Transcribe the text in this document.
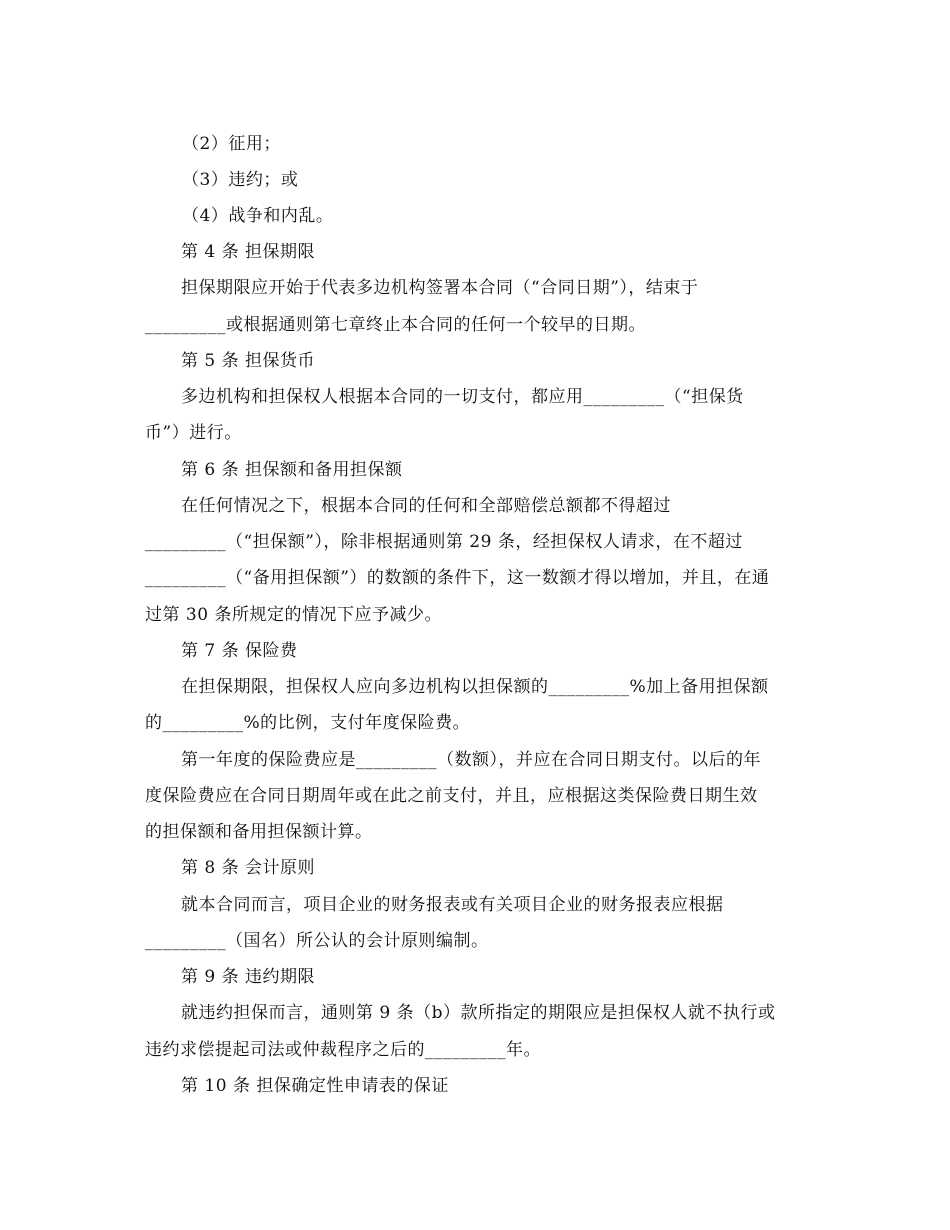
（2）征用；
（3）违约；或
（4）战争和内乱。
第 4 条 担保期限
担保期限应开始于代表多边机构签署本合同（“合同日期”），结束于
_________或根据通则第七章终止本合同的任何一个较早的日期。
第 5 条 担保货币
多边机构和担保权人根据本合同的一切支付，都应用_________（“担保货
币”）进行。
第 6 条 担保额和备用担保额
在任何情况之下，根据本合同的任何和全部赔偿总额都不得超过
_________（“担保额”），除非根据通则第 29 条，经担保权人请求，在不超过
_________（“备用担保额”）的数额的条件下，这一数额才得以增加，并且，在通
过第 30 条所规定的情况下应予减少。
第 7 条 保险费
在担保期限，担保权人应向多边机构以担保额的_________%加上备用担保额
的_________%的比例，支付年度保险费。
第一年度的保险费应是_________（数额），并应在合同日期支付。以后的年
度保险费应在合同日期周年或在此之前支付，并且，应根据这类保险费日期生效
的担保额和备用担保额计算。
第 8 条 会计原则
就本合同而言，项目企业的财务报表或有关项目企业的财务报表应根据
_________（国名）所公认的会计原则编制。
第 9 条 违约期限
就违约担保而言，通则第 9 条（b）款所指定的期限应是担保权人就不执行或
违约求偿提起司法或仲裁程序之后的_________年。
第 10 条 担保确定性申请表的保证
